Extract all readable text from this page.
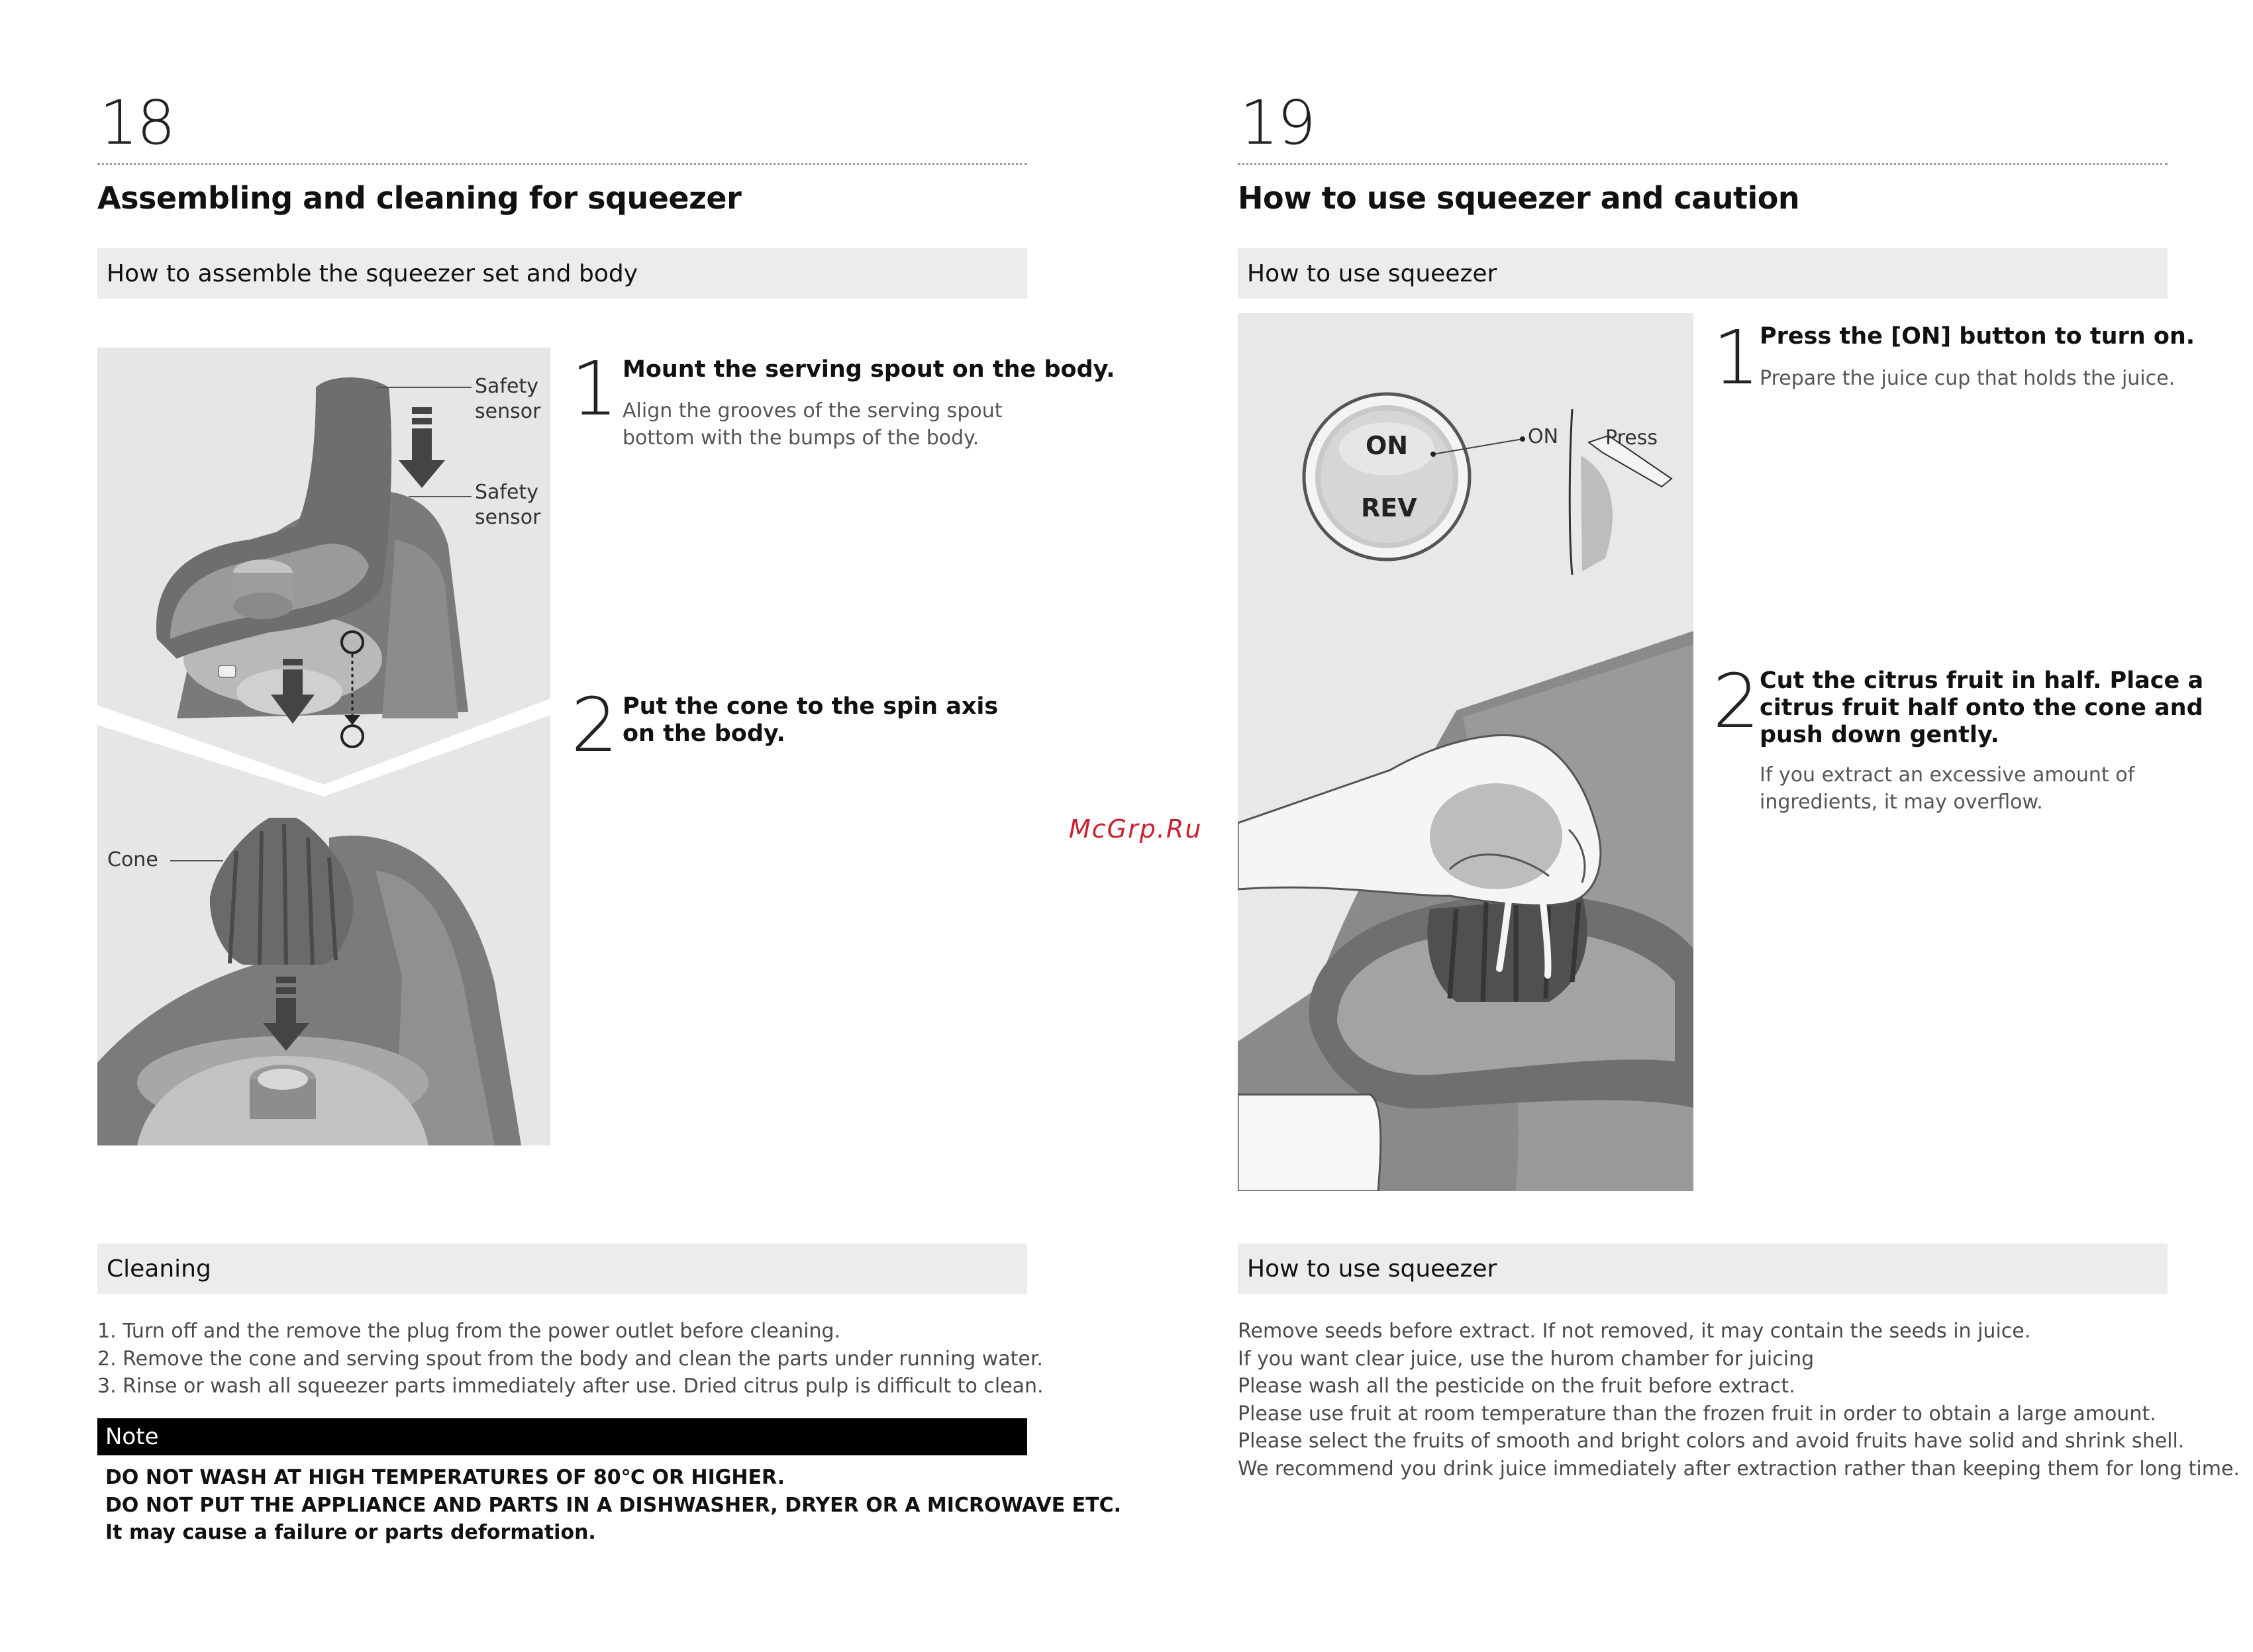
18
Assembling and cleaning for squeezer
How to assemble the squeezer set and body
Safety
sensor
Safety
sensor
Cone
1 Mount the serving spout on the body.
Align the grooves of the serving spout
bottom with the bumps of the body.
2 Put the cone to the spin axis
on the body.
Cleaning
1. Turn off and the remove the plug from the power outlet before cleaning.
2. Remove the cone and serving spout from the body and clean the parts under running water.
3. Rinse or wash all squeezer parts immediately after use. Dried citrus pulp is difficult to clean.
Note
DO NOT WASH AT HIGH TEMPERATURES OF 80℃ OR HIGHER.
DO NOT PUT THE APPLIANCE AND PARTS IN A DISHWASHER, DRYER OR A MICROWAVE ETC.
It may cause a failure or parts deformation.
McGrp.Ru
19
How to use squeezer and caution
How to use squeezer
ON
REV
ON Press
1 Press the [ON] button to turn on.
Prepare the juice cup that holds the juice.
2 Cut the citrus fruit in half. Place a
citrus fruit half onto the cone and
push down gently.
If you extract an excessive amount of
ingredients, it may overflow.
How to use squeezer
Remove seeds before extract. If not removed, it may contain the seeds in juice.
If you want clear juice, use the hurom chamber for juicing
Please wash all the pesticide on the fruit before extract.
Please use fruit at room temperature than the frozen fruit in order to obtain a large amount.
Please select the fruits of smooth and bright colors and avoid fruits have solid and shrink shell.
We recommend you drink juice immediately after extraction rather than keeping them for long time.
